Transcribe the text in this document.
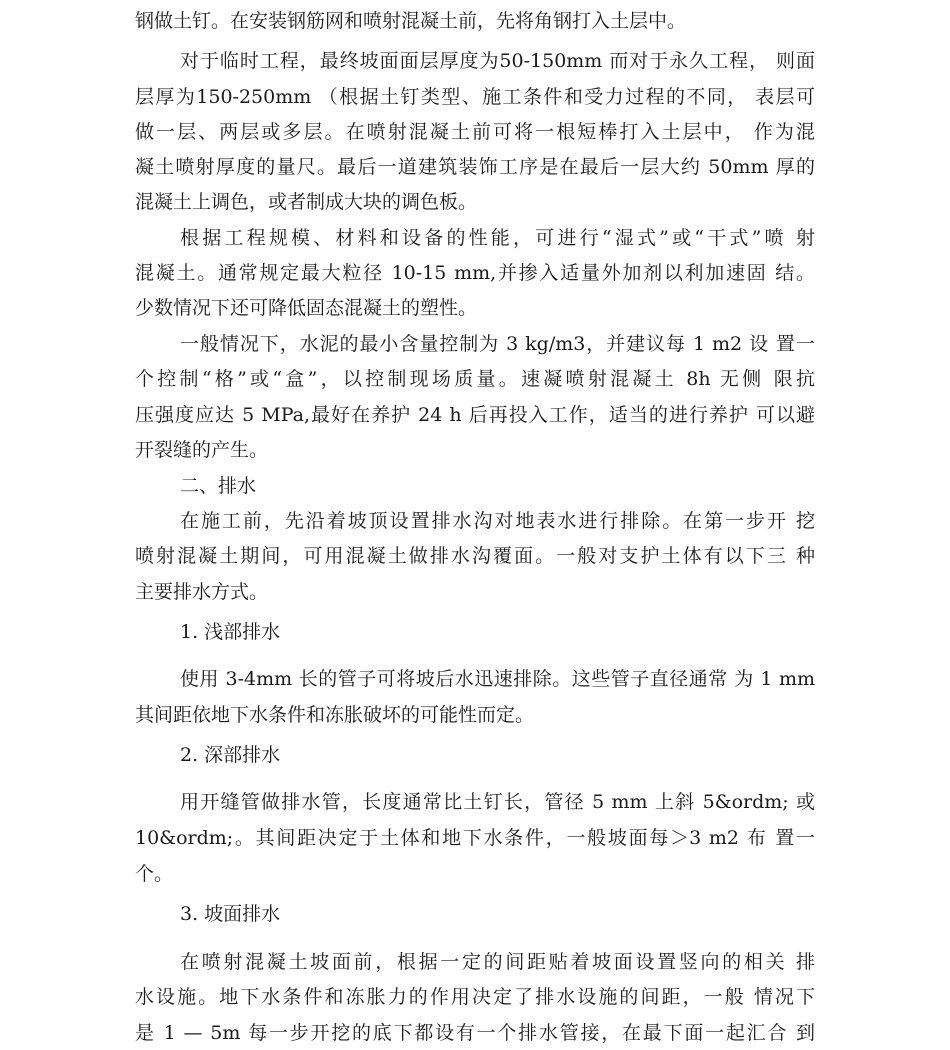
钢做土钉。在安装钢筋网和喷射混凝土前，先将角钢打入土层中。
对于临时工程，最终坡面面层厚度为50-150mm 而对于永久工程， 则面
层厚为150-250mm （根据土钉类型、施工条件和受力过程的不同， 表层可
做一层、两层或多层。在喷射混凝土前可将一根短棒打入土层中， 作为混
凝土喷射厚度的量尺。最后一道建筑装饰工序是在最后一层大约 50mm 厚的
混凝土上调色，或者制成大块的调色板。
根据工程规模、材料和设备的性能，可进行“湿式”或“干式”喷 射
混凝土。通常规定最大粒径 10-15 mm,并掺入适量外加剂以利加速固 结。
少数情况下还可降低固态混凝土的塑性。
一般情况下，水泥的最小含量控制为 3 kg/m3，并建议每 1 m2 设 置一
个控制“格”或“盒”，以控制现场质量。速凝喷射混凝土 8h 无侧 限抗
压强度应达 5 MPa,最好在养护 24 h 后再投入工作，适当的进行养护 可以避
开裂缝的产生。
二、排水
在施工前，先沿着坡顶设置排水沟对地表水进行排除。在第一步开 挖
喷射混凝土期间，可用混凝土做排水沟覆面。一般对支护土体有以下三 种
主要排水方式。
1. 浅部排水
使用 3-4mm 长的管子可将坡后水迅速排除。这些管子直径通常 为 1 mm
其间距依地下水条件和冻胀破坏的可能性而定。
2. 深部排水
用开缝管做排水管，长度通常比土钉长，管径 5 mm 上斜 5&ordm; 或
10&ordm;。其间距决定于土体和地下水条件，一般坡面每＞3 m2 布 置一
个。
3. 坡面排水
在喷射混凝土坡面前，根据一定的间距贴着坡面设置竖向的相关 排
水设施。地下水条件和冻胀力的作用决定了排水设施的间距，一般 情况下
是 1 — 5m 每一步开挖的底下都设有一个排水管接，在最下面一起汇合 到
